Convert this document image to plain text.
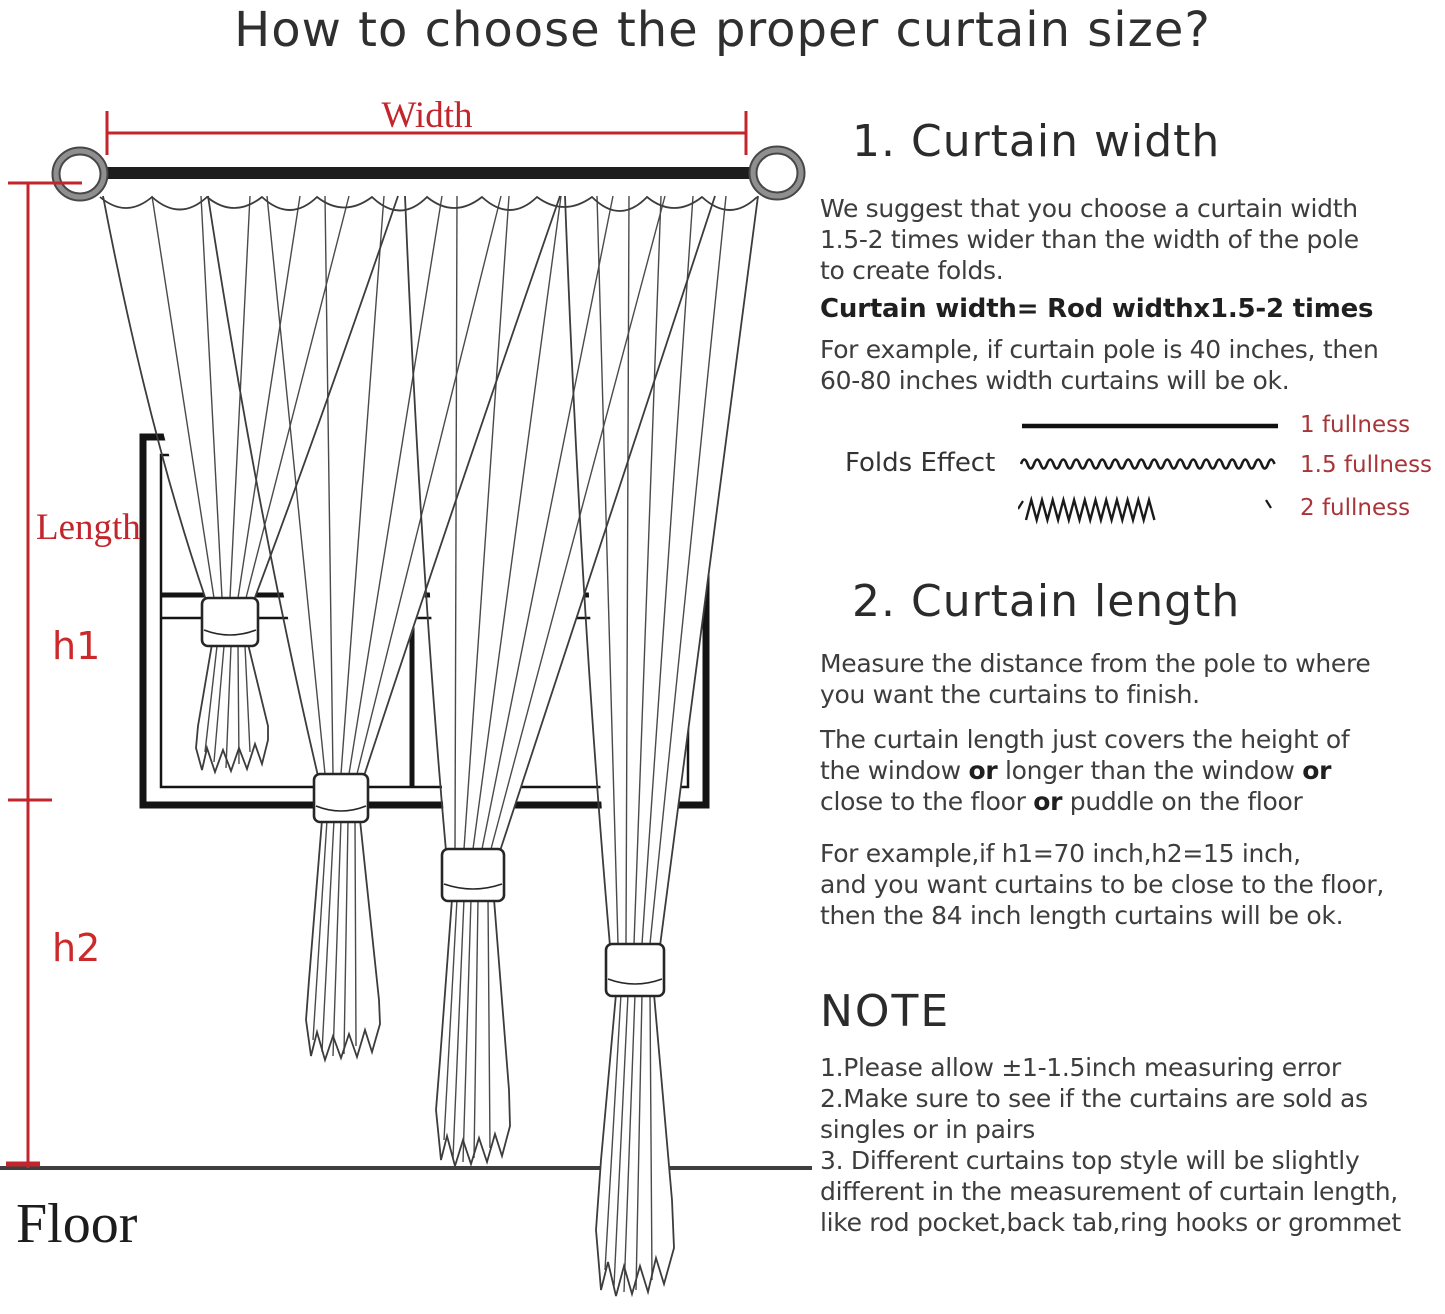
How to choose the proper curtain size?
Width
Length
h1
h2
Floor
1. Curtain width
We suggest that you choose a curtain width
1.5-2 times wider than the width of the pole
to create folds.
Curtain width= Rod widthx1.5-2 times
For example, if curtain pole is 40 inches, then
60-80 inches width curtains will be ok.
Folds Effect
1 fullness
1.5 fullness
2 fullness
2. Curtain length
Measure the distance from the pole to where
you want the curtains to finish.
The curtain length just covers the height of
the window or longer than the window or
close to the floor or puddle on the floor
For example,if h1=70 inch,h2=15 inch,
and you want curtains to be close to the floor,
then the 84 inch length curtains will be ok.
NOTE
1.Please allow ±1-1.5inch measuring error
2.Make sure to see if the curtains are sold as
singles or in pairs
3. Different curtains top style will be slightly
different in the measurement of curtain length,
like rod pocket,back tab,ring hooks or grommet
